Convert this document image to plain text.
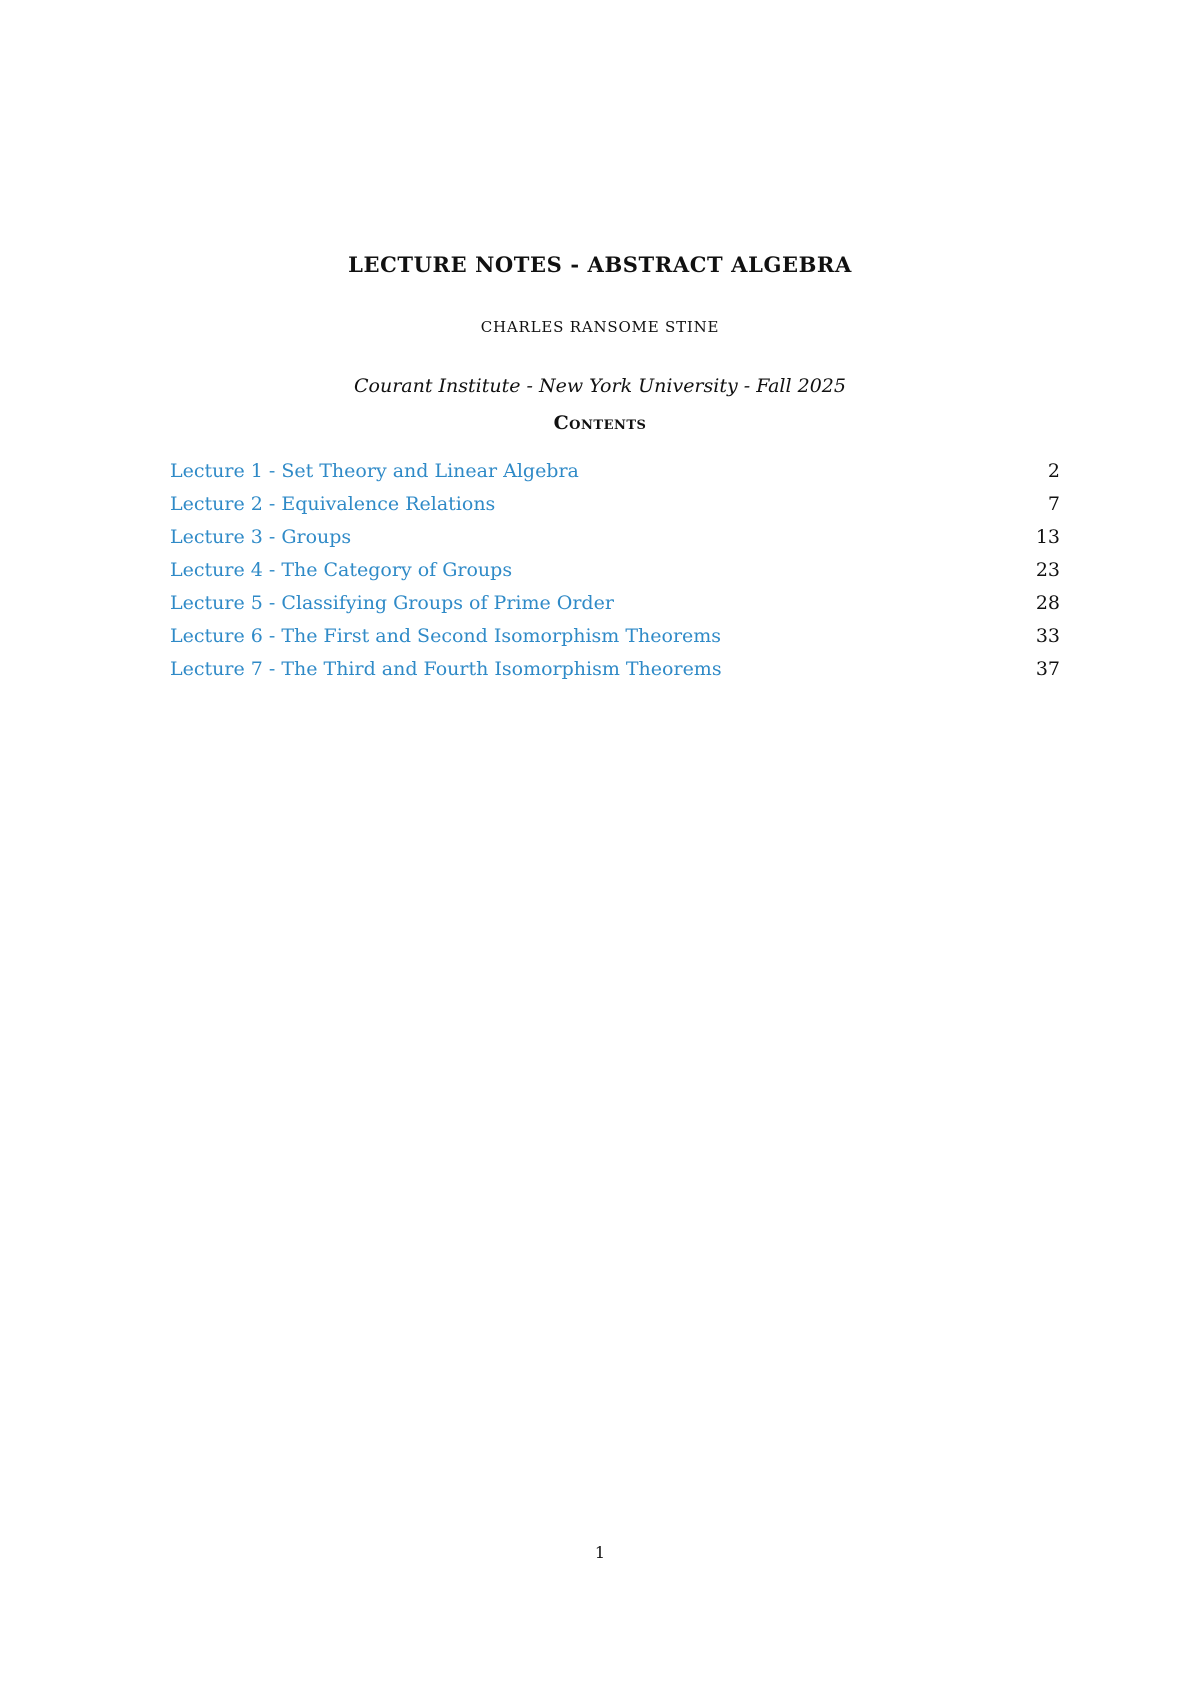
LECTURE NOTES - ABSTRACT ALGEBRA

CHARLES RANSOME STINE

Courant Institute - New York University - Fall 2025

Contents
Lecture 1 - Set Theory and Linear Algebra	2
Lecture 2 - Equivalence Relations	7
Lecture 3 - Groups	13
Lecture 4 - The Category of Groups	23
Lecture 5 - Classifying Groups of Prime Order	28
Lecture 6 - The First and Second Isomorphism Theorems	33
Lecture 7 - The Third and Fourth Isomorphism Theorems	37

1
